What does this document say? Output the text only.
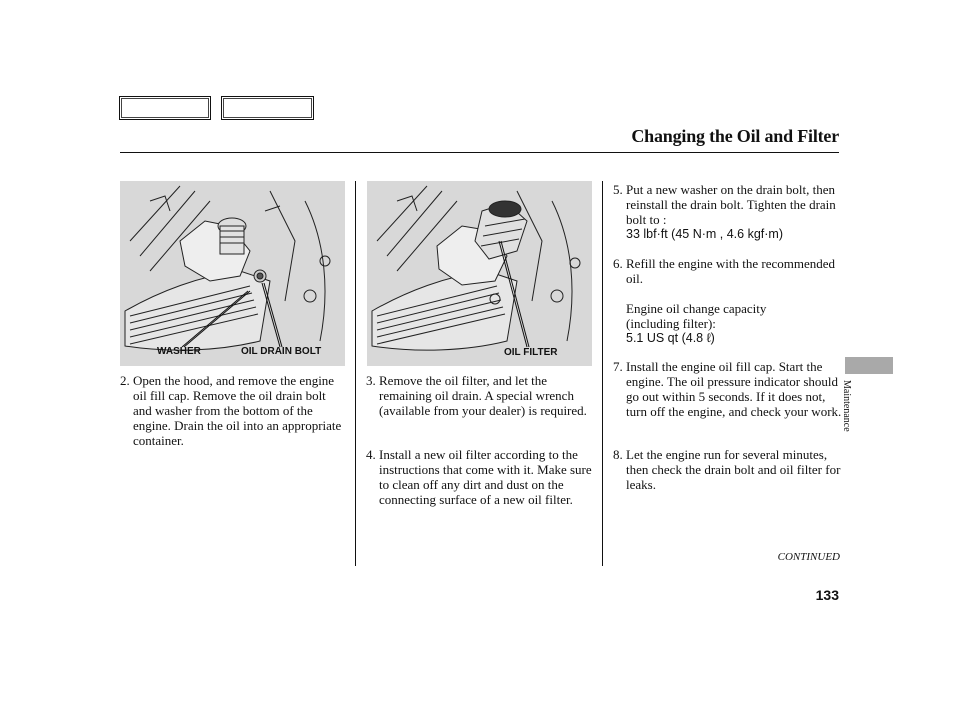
Changing the Oil and Filter
WASHER	OIL DRAIN BOLT	OIL FILTER
2. Open the hood, and remove the engine oil fill cap. Remove the oil drain bolt and washer from the bottom of the engine. Drain the oil into an appropriate container.
3. Remove the oil filter, and let the remaining oil drain. A special wrench (available from your dealer) is required.
4. Install a new oil filter according to the instructions that come with it. Make sure to clean off any dirt and dust on the connecting surface of a new oil filter.
5. Put a new washer on the drain bolt, then reinstall the drain bolt. Tighten the drain bolt to :
33 lbf·ft (45 N·m , 4.6 kgf·m)
6. Refill the engine with the recommended oil.
Engine oil change capacity (including filter):
5.1 US qt (4.8 ℓ)
7. Install the engine oil fill cap. Start the engine. The oil pressure indicator should go out within 5 seconds. If it does not, turn off the engine, and check your work.
8. Let the engine run for several minutes, then check the drain bolt and oil filter for leaks.
Maintenance
CONTINUED
133
